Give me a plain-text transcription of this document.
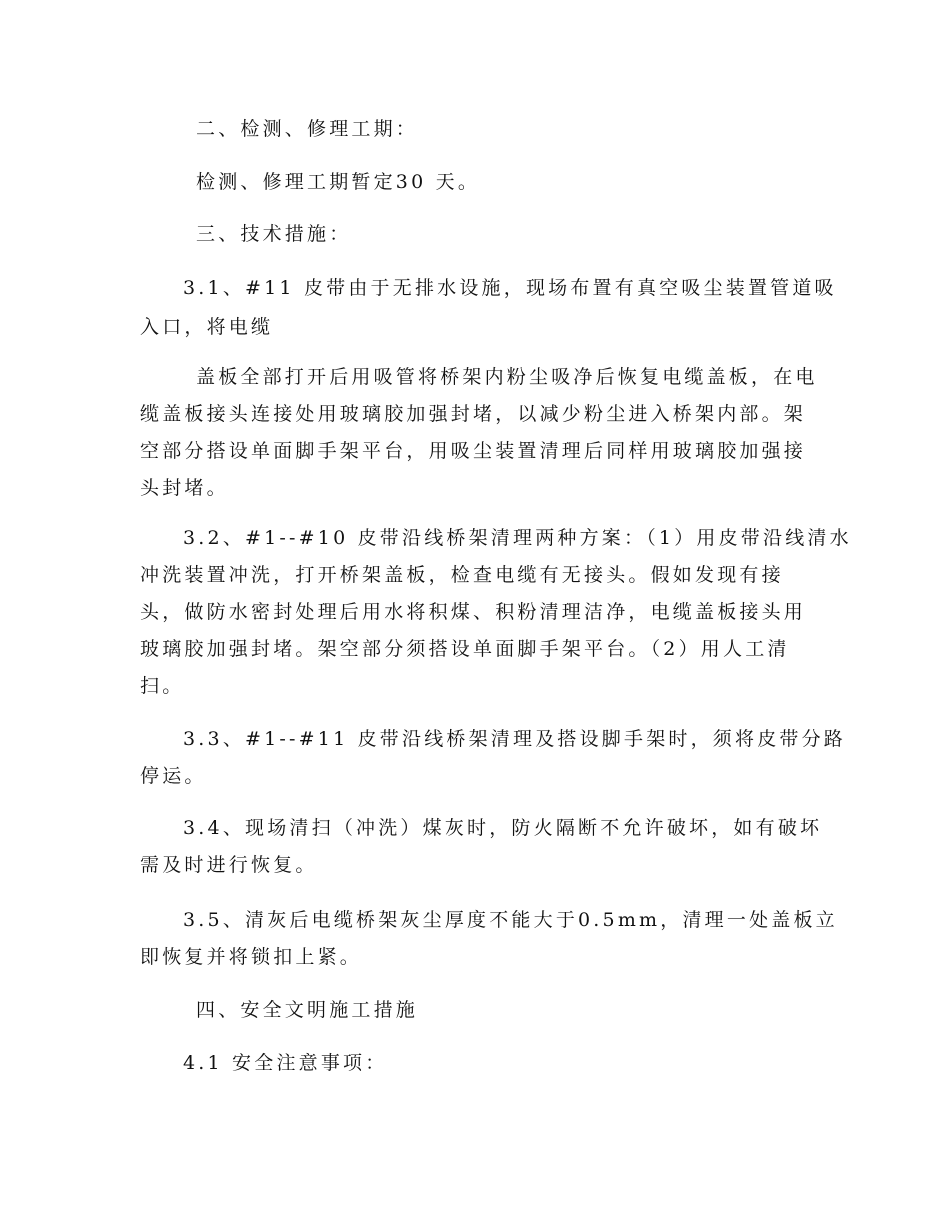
二、检测、修理工期：
检测、修理工期暂定30 天。
三、技术措施：
3.1、#11 皮带由于无排水设施，现场布置有真空吸尘装置管道吸
入口，将电缆
盖板全部打开后用吸管将桥架内粉尘吸净后恢复电缆盖板，在电
缆盖板接头连接处用玻璃胶加强封堵，以减少粉尘进入桥架内部。架
空部分搭设单面脚手架平台，用吸尘装置清理后同样用玻璃胶加强接
头封堵。
3.2、#1--#10 皮带沿线桥架清理两种方案：（1）用皮带沿线清水
冲洗装置冲洗，打开桥架盖板，检查电缆有无接头。假如发现有接
头，做防水密封处理后用水将积煤、积粉清理洁净，电缆盖板接头用
玻璃胶加强封堵。架空部分须搭设单面脚手架平台。（2）用人工清
扫。
3.3、#1--#11 皮带沿线桥架清理及搭设脚手架时，须将皮带分路
停运。
3.4、现场清扫（冲洗）煤灰时，防火隔断不允许破坏，如有破坏
需及时进行恢复。
3.5、清灰后电缆桥架灰尘厚度不能大于0.5mm，清理一处盖板立
即恢复并将锁扣上紧。
四、安全文明施工措施
4.1 安全注意事项：
